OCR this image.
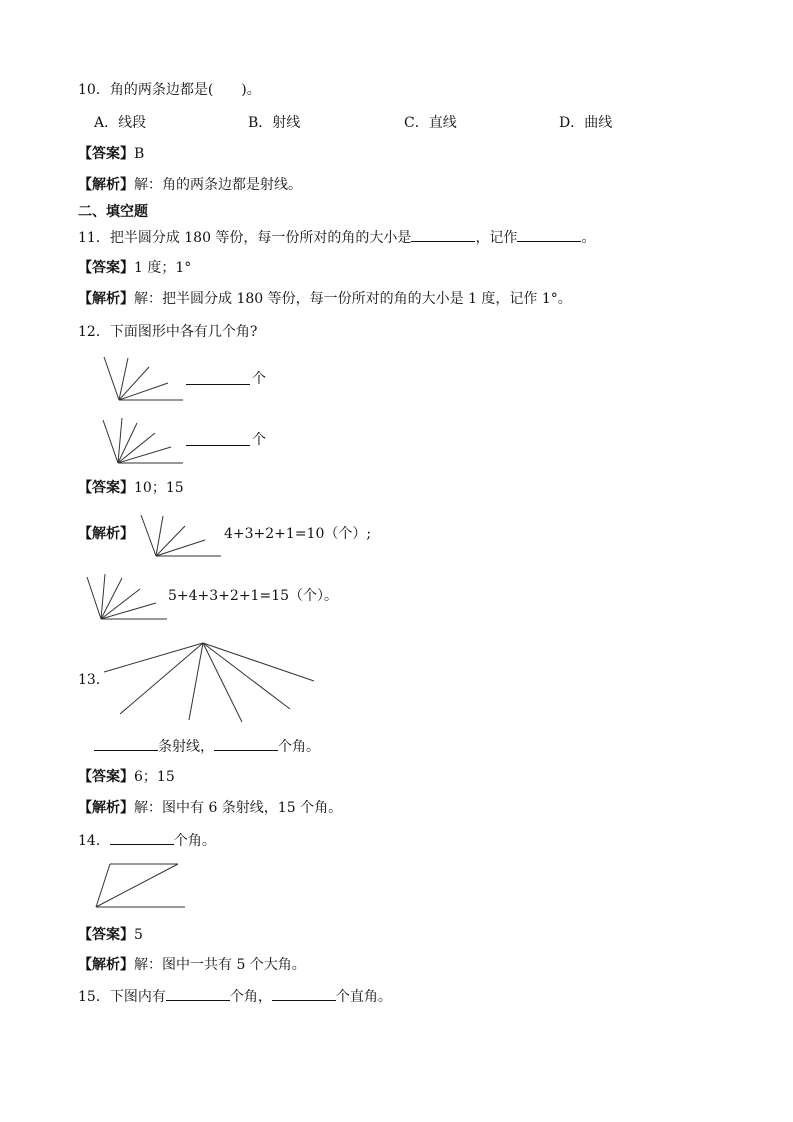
10．角的两条边都是(　　)。
A．线段	B．射线	C．直线	D．曲线
【答案】B
【解析】解：角的两条边都是射线。
二、填空题
11．把半圆分成 180 等份，每一份所对的角的大小是	，记作	。
【答案】1 度；1°
【解析】解：把半圆分成 180 等份，每一份所对的角的大小是 1 度，记作 1°。
12．下面图形中各有几个角?
个
个
【答案】10；15
【解析】	4+3+2+1=10（个）;
5+4+3+2+1=15（个）。
13．
条射线，	个角。
【答案】6；15
【解析】解：图中有 6 条射线，15 个角。
14．	个角。
【答案】5
【解析】解：图中一共有 5 个大角。
15．下图内有	个角，	个直角。
